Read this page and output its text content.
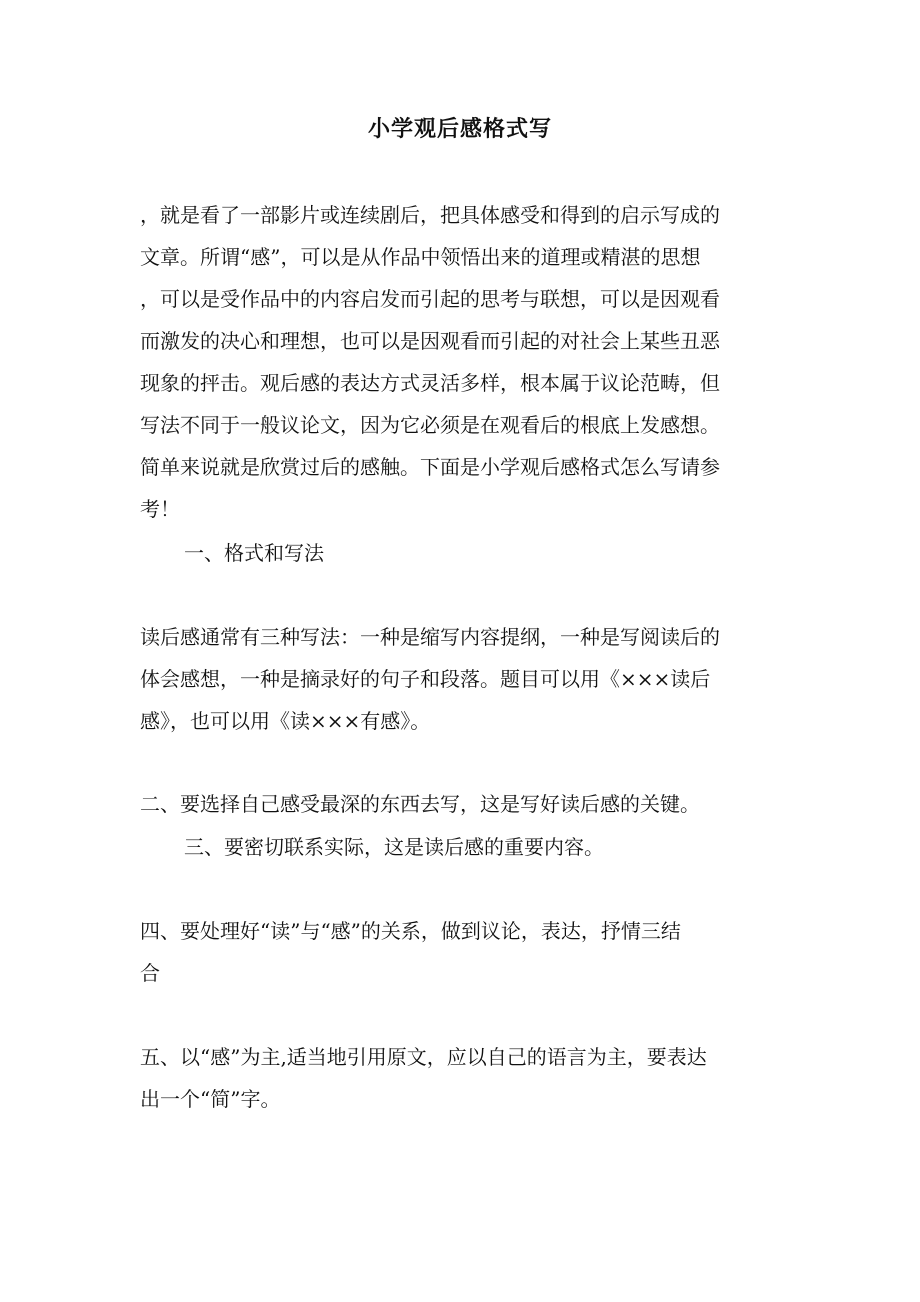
小学观后感格式写
，就是看了一部影片或连续剧后，把具体感受和得到的启示写成的
文章。所谓“感”，可以是从作品中领悟出来的道理或精湛的思想
，可以是受作品中的内容启发而引起的思考与联想，可以是因观看
而激发的决心和理想，也可以是因观看而引起的对社会上某些丑恶
现象的抨击。观后感的表达方式灵活多样，根本属于议论范畴，但
写法不同于一般议论文，因为它必须是在观看后的根底上发感想。
简单来说就是欣赏过后的感触。下面是小学观后感格式怎么写请参
考！
一、格式和写法
读后感通常有三种写法：一种是缩写内容提纲，一种是写阅读后的
体会感想，一种是摘录好的句子和段落。题目可以用《×××读后
感》，也可以用《读×××有感》。
二、要选择自己感受最深的东西去写，这是写好读后感的关键。
三、要密切联系实际，这是读后感的重要内容。
四、要处理好“读”与“感”的关系，做到议论，表达，抒情三结
合
五、以“感”为主,适当地引用原文，应以自己的语言为主，要表达
出一个“简”字。
